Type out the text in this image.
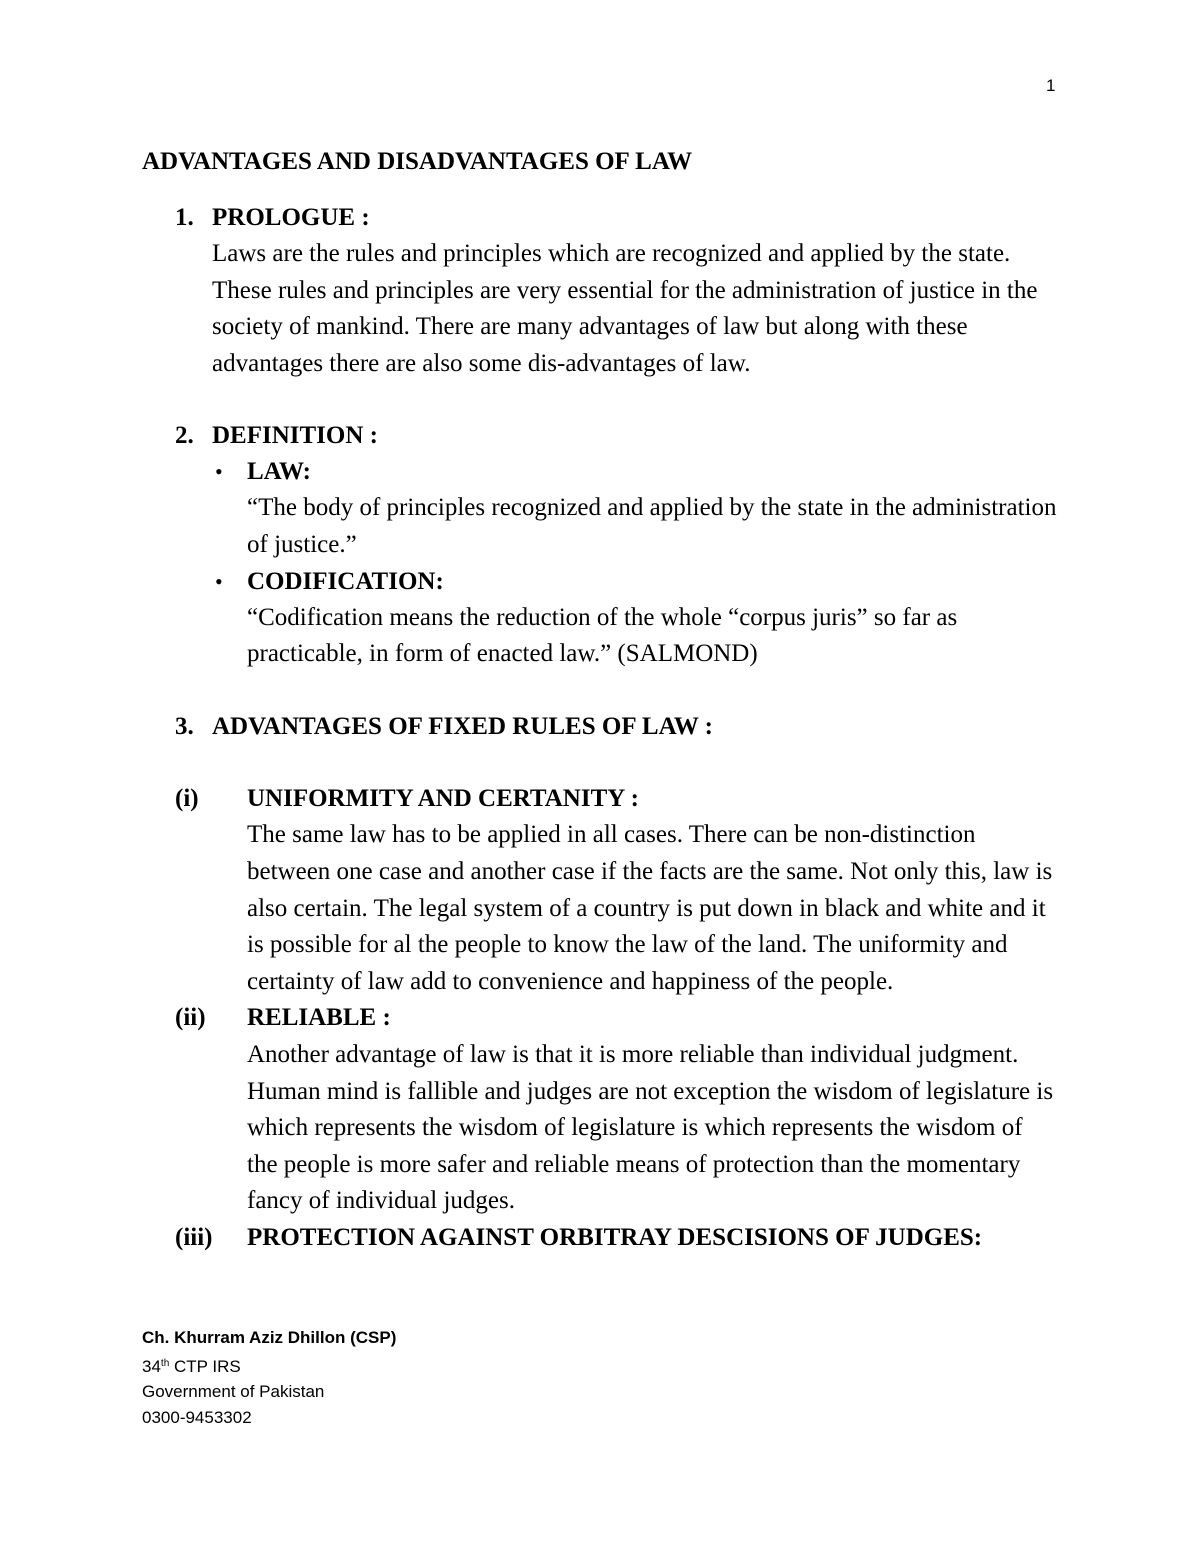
1
ADVANTAGES AND DISADVANTAGES OF LAW
1. PROLOGUE :
Laws are the rules and principles which are recognized and applied by the state. These rules and principles are very essential for the administration of justice in the society of mankind. There are many advantages of law but along with these advantages there are also some dis-advantages of law.
2. DEFINITION :
• LAW:
“The body of principles recognized and applied by the state in the administration of justice.”
• CODIFICATION:
“Codification means the reduction of the whole “corpus juris” so far as practicable, in form of enacted law.” (SALMOND)
3. ADVANTAGES OF FIXED RULES OF LAW :
(i) UNIFORMITY AND CERTANITY :
The same law has to be applied in all cases. There can be non-distinction between one case and another case if the facts are the same. Not only this, law is also certain. The legal system of a country is put down in black and white and it is possible for al the people to know the law of the land. The uniformity and certainty of law add to convenience and happiness of the people.
(ii) RELIABLE :
Another advantage of law is that it is more reliable than individual judgment. Human mind is fallible and judges are not exception the wisdom of legislature is which represents the wisdom of legislature is which represents the wisdom of the people is more safer and reliable means of protection than the momentary fancy of individual judges.
(iii) PROTECTION AGAINST ORBITRAY DESCISIONS OF JUDGES:
Ch. Khurram Aziz Dhillon (CSP)
34th CTP IRS
Government of Pakistan
0300-9453302
